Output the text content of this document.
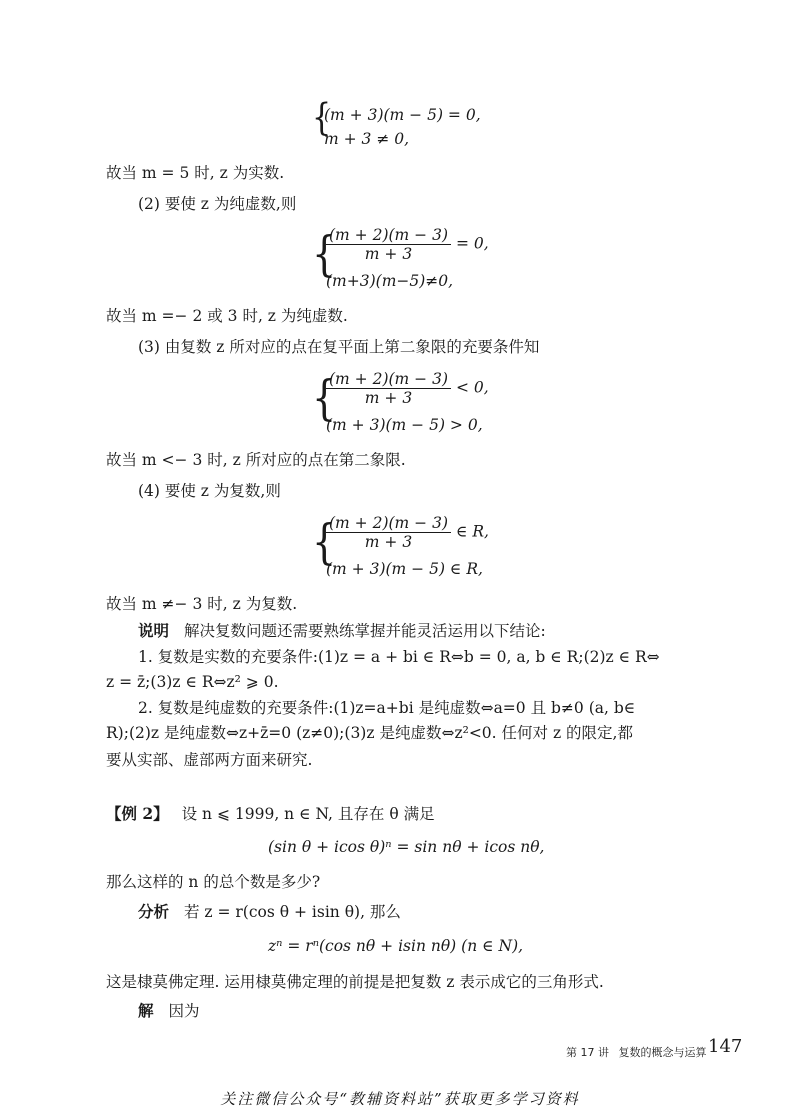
{
(m + 3)(m − 5) = 0,
m + 3 ≠ 0,
故当 m = 5 时, z 为实数.
(2) 要使 z 为纯虚数,则
{
$\frac{(m + 2)(m - 3)}{m + 3} = 0$,
(m+3)(m−5)≠0,
故当 m =− 2 或 3 时, z 为纯虚数.
(3) 由复数 z 所对应的点在复平面上第二象限的充要条件知
{
$\frac{(m + 2)(m - 3)}{m + 3} < 0$,
(m + 3)(m − 5) > 0,
故当 m <− 3 时, z 所对应的点在第二象限.
(4) 要使 z 为复数,则
{
$\frac{(m + 2)(m - 3)}{m + 3}$ ∈ R,
(m + 3)(m − 5) ∈ R,
故当 m ≠− 3 时, z 为复数.
说明 解决复数问题还需要熟练掌握并能灵活运用以下结论:
1. 复数是实数的充要条件:(1)z = a + bi ∈ R⇔b = 0, a, b ∈ R;(2)z ∈ R⇔
z = z̄;(3)z ∈ R⇔z² ⩾ 0.
2. 复数是纯虚数的充要条件:(1)z=a+bi 是纯虚数⇔a=0 且 b≠0 (a, b∈
R);(2)z 是纯虚数⇔z+z̄=0 (z≠0);(3)z 是纯虚数⇔z²<0. 任何对 z 的限定,都
要从实部、虚部两方面来研究.
【例 2】 设 n ⩽ 1999, n ∈ N, 且存在 θ 满足
(sin θ + icos θ)ⁿ = sin nθ + icos nθ,
那么这样的 n 的总个数是多少?
分析 若 z = r(cos θ + isin θ), 那么
zⁿ = rⁿ(cos nθ + isin nθ) (n ∈ N),
这是棣莫佛定理. 运用棣莫佛定理的前提是把复数 z 表示成它的三角形式.
解 因为
第 17 讲 复数的概念与运算 147
关注微信公众号“教辅资料站”获取更多学习资料
